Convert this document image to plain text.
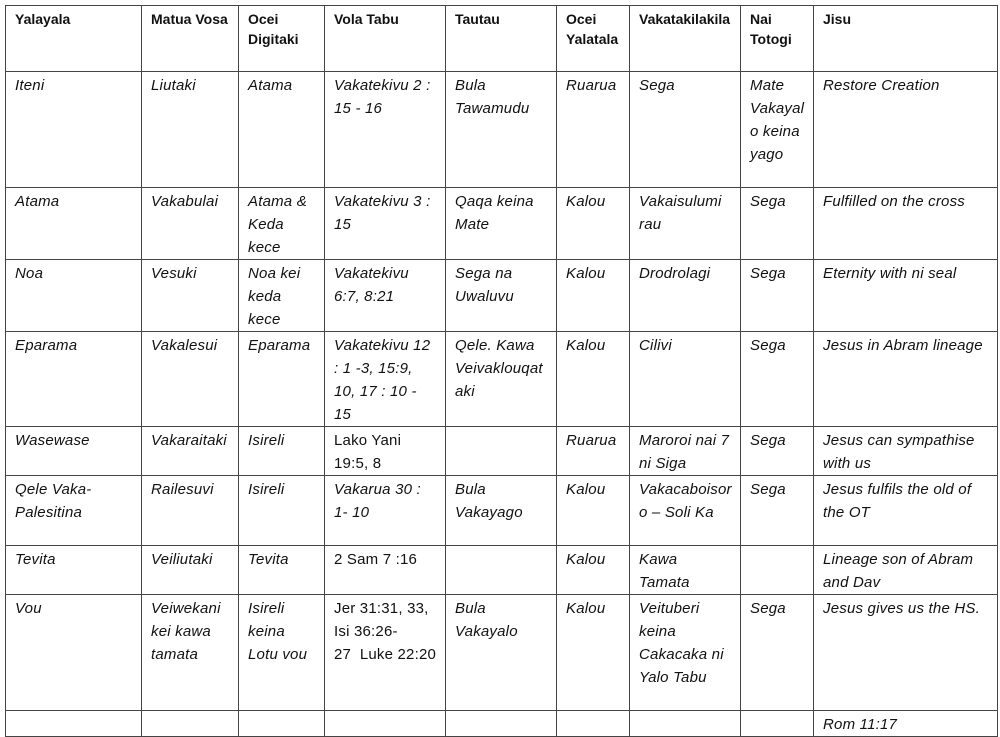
Yalayala	Matua Vosa	Ocei Digitaki	Vola Tabu	Tautau	Ocei Yalatala	Vakatakilakila	Nai Totogi	Jisu
Iteni	Liutaki	Atama	Vakatekivu 2 : 15 - 16	Bula Tawamudu	Ruarua	Sega	Mate Vakayalo keina yago	Restore Creation
Atama	Vakabulai	Atama & Keda kece	Vakatekivu 3 : 15	Qaqa keina Mate	Kalou	Vakaisulumi rau	Sega	Fulfilled on the cross
Noa	Vesuki	Noa kei keda kece	Vakatekivu 6:7, 8:21	Sega na Uwaluvu	Kalou	Drodrolagi	Sega	Eternity with ni seal
Eparama	Vakalesui	Eparama	Vakatekivu 12 : 1 -3, 15:9, 10, 17 : 10 - 15	Qele. Kawa Veivaklouqataki	Kalou	Cilivi	Sega	Jesus in Abram lineage
Wasewase	Vakaraitaki	Isireli	Lako Yani 19:5, 8		Ruarua	Maroroi nai 7 ni Siga	Sega	Jesus can sympathise with us
Qele Vaka-Palesitina	Railesuvi	Isireli	Vakarua 30 : 1- 10	Bula Vakayago	Kalou	Vakacaboisoro – Soli Ka	Sega	Jesus fulfils the old of the OT
Tevita	Veiliutaki	Tevita	2 Sam 7 :16		Kalou	Kawa Tamata		Lineage son of Abram and Dav
Vou	Veiwekani kei kawa tamata	Isireli keina Lotu vou	Jer 31:31, 33, Isi 36:26-27  Luke 22:20	Bula Vakayalo	Kalou	Veituberi keina Cakacaka ni Yalo Tabu	Sega	Jesus gives us the HS.
								Rom 11:17
